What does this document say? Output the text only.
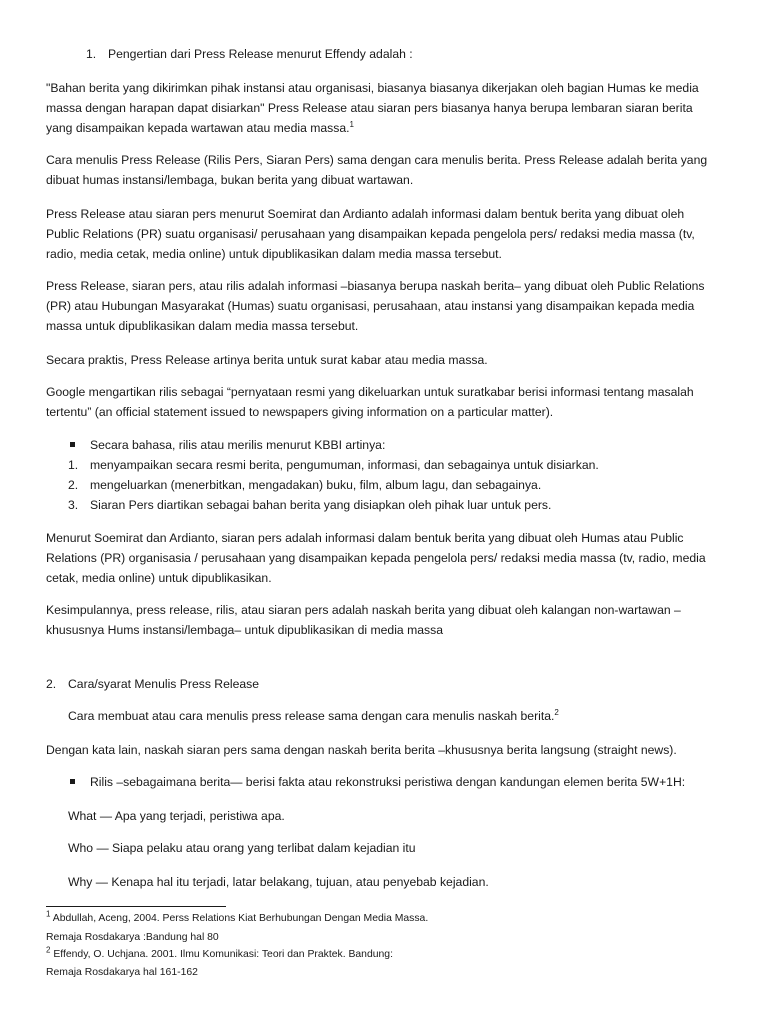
1. Pengertian dari Press Release menurut Effendy adalah :
"Bahan berita yang dikirimkan pihak instansi atau organisasi, biasanya biasanya dikerjakan oleh bagian Humas ke media
massa dengan harapan dapat disiarkan" Press Release atau siaran pers biasanya hanya berupa lembaran siaran berita
yang disampaikan kepada wartawan atau media massa.$^1$
Cara menulis Press Release (Rilis Pers, Siaran Pers) sama dengan cara menulis berita. Press Release adalah berita yang
dibuat humas instansi/lembaga, bukan berita yang dibuat wartawan.
Press Release atau siaran pers menurut Soemirat dan Ardianto adalah informasi dalam bentuk berita yang dibuat oleh
Public Relations (PR) suatu organisasi/ perusahaan yang disampaikan kepada pengelola pers/ redaksi media massa (tv,
radio, media cetak, media online) untuk dipublikasikan dalam media massa tersebut.
Press Release, siaran pers, atau rilis adalah informasi –biasanya berupa naskah berita– yang dibuat oleh Public Relations
(PR) atau Hubungan Masyarakat (Humas) suatu organisasi, perusahaan, atau instansi yang disampaikan kepada media
massa untuk dipublikasikan dalam media massa tersebut.
Secara praktis, Press Release artinya berita untuk surat kabar atau media massa.
Google mengartikan rilis sebagai “pernyataan resmi yang dikeluarkan untuk suratkabar berisi informasi tentang masalah
tertentu” (an official statement issued to newspapers giving information on a particular matter).
Secara bahasa, rilis atau merilis menurut KBBI artinya:
1. menyampaikan secara resmi berita, pengumuman, informasi, dan sebagainya untuk disiarkan.
2. mengeluarkan (menerbitkan, mengadakan) buku, film, album lagu, dan sebagainya.
3. Siaran Pers diartikan sebagai bahan berita yang disiapkan oleh pihak luar untuk pers.
Menurut Soemirat dan Ardianto, siaran pers adalah informasi dalam bentuk berita yang dibuat oleh Humas atau Public
Relations (PR) organisasia / perusahaan yang disampaikan kepada pengelola pers/ redaksi media massa (tv, radio, media
cetak, media online) untuk dipublikasikan.
Kesimpulannya, press release, rilis, atau siaran pers adalah naskah berita yang dibuat oleh kalangan non-wartawan –
khususnya Hums instansi/lembaga– untuk dipublikasikan di media massa
2. Cara/syarat Menulis Press Release
Cara membuat atau cara menulis press release sama dengan cara menulis naskah berita.$^2$
Dengan kata lain, naskah siaran pers sama dengan naskah berita berita –khususnya berita langsung (straight news).
Rilis –sebagaimana berita— berisi fakta atau rekonstruksi peristiwa dengan kandungan elemen berita 5W+1H:
What — Apa yang terjadi, peristiwa apa.
Who — Siapa pelaku atau orang yang terlibat dalam kejadian itu
Why — Kenapa hal itu terjadi, latar belakang, tujuan, atau penyebab kejadian.
$^1$ Abdullah, Aceng, 2004. Perss Relations Kiat Berhubungan Dengan Media Massa.
Remaja Rosdakarya :Bandung hal 80
$^2$ Effendy, O. Uchjana. 2001. Ilmu Komunikasi: Teori dan Praktek. Bandung:
Remaja Rosdakarya hal 161-162
